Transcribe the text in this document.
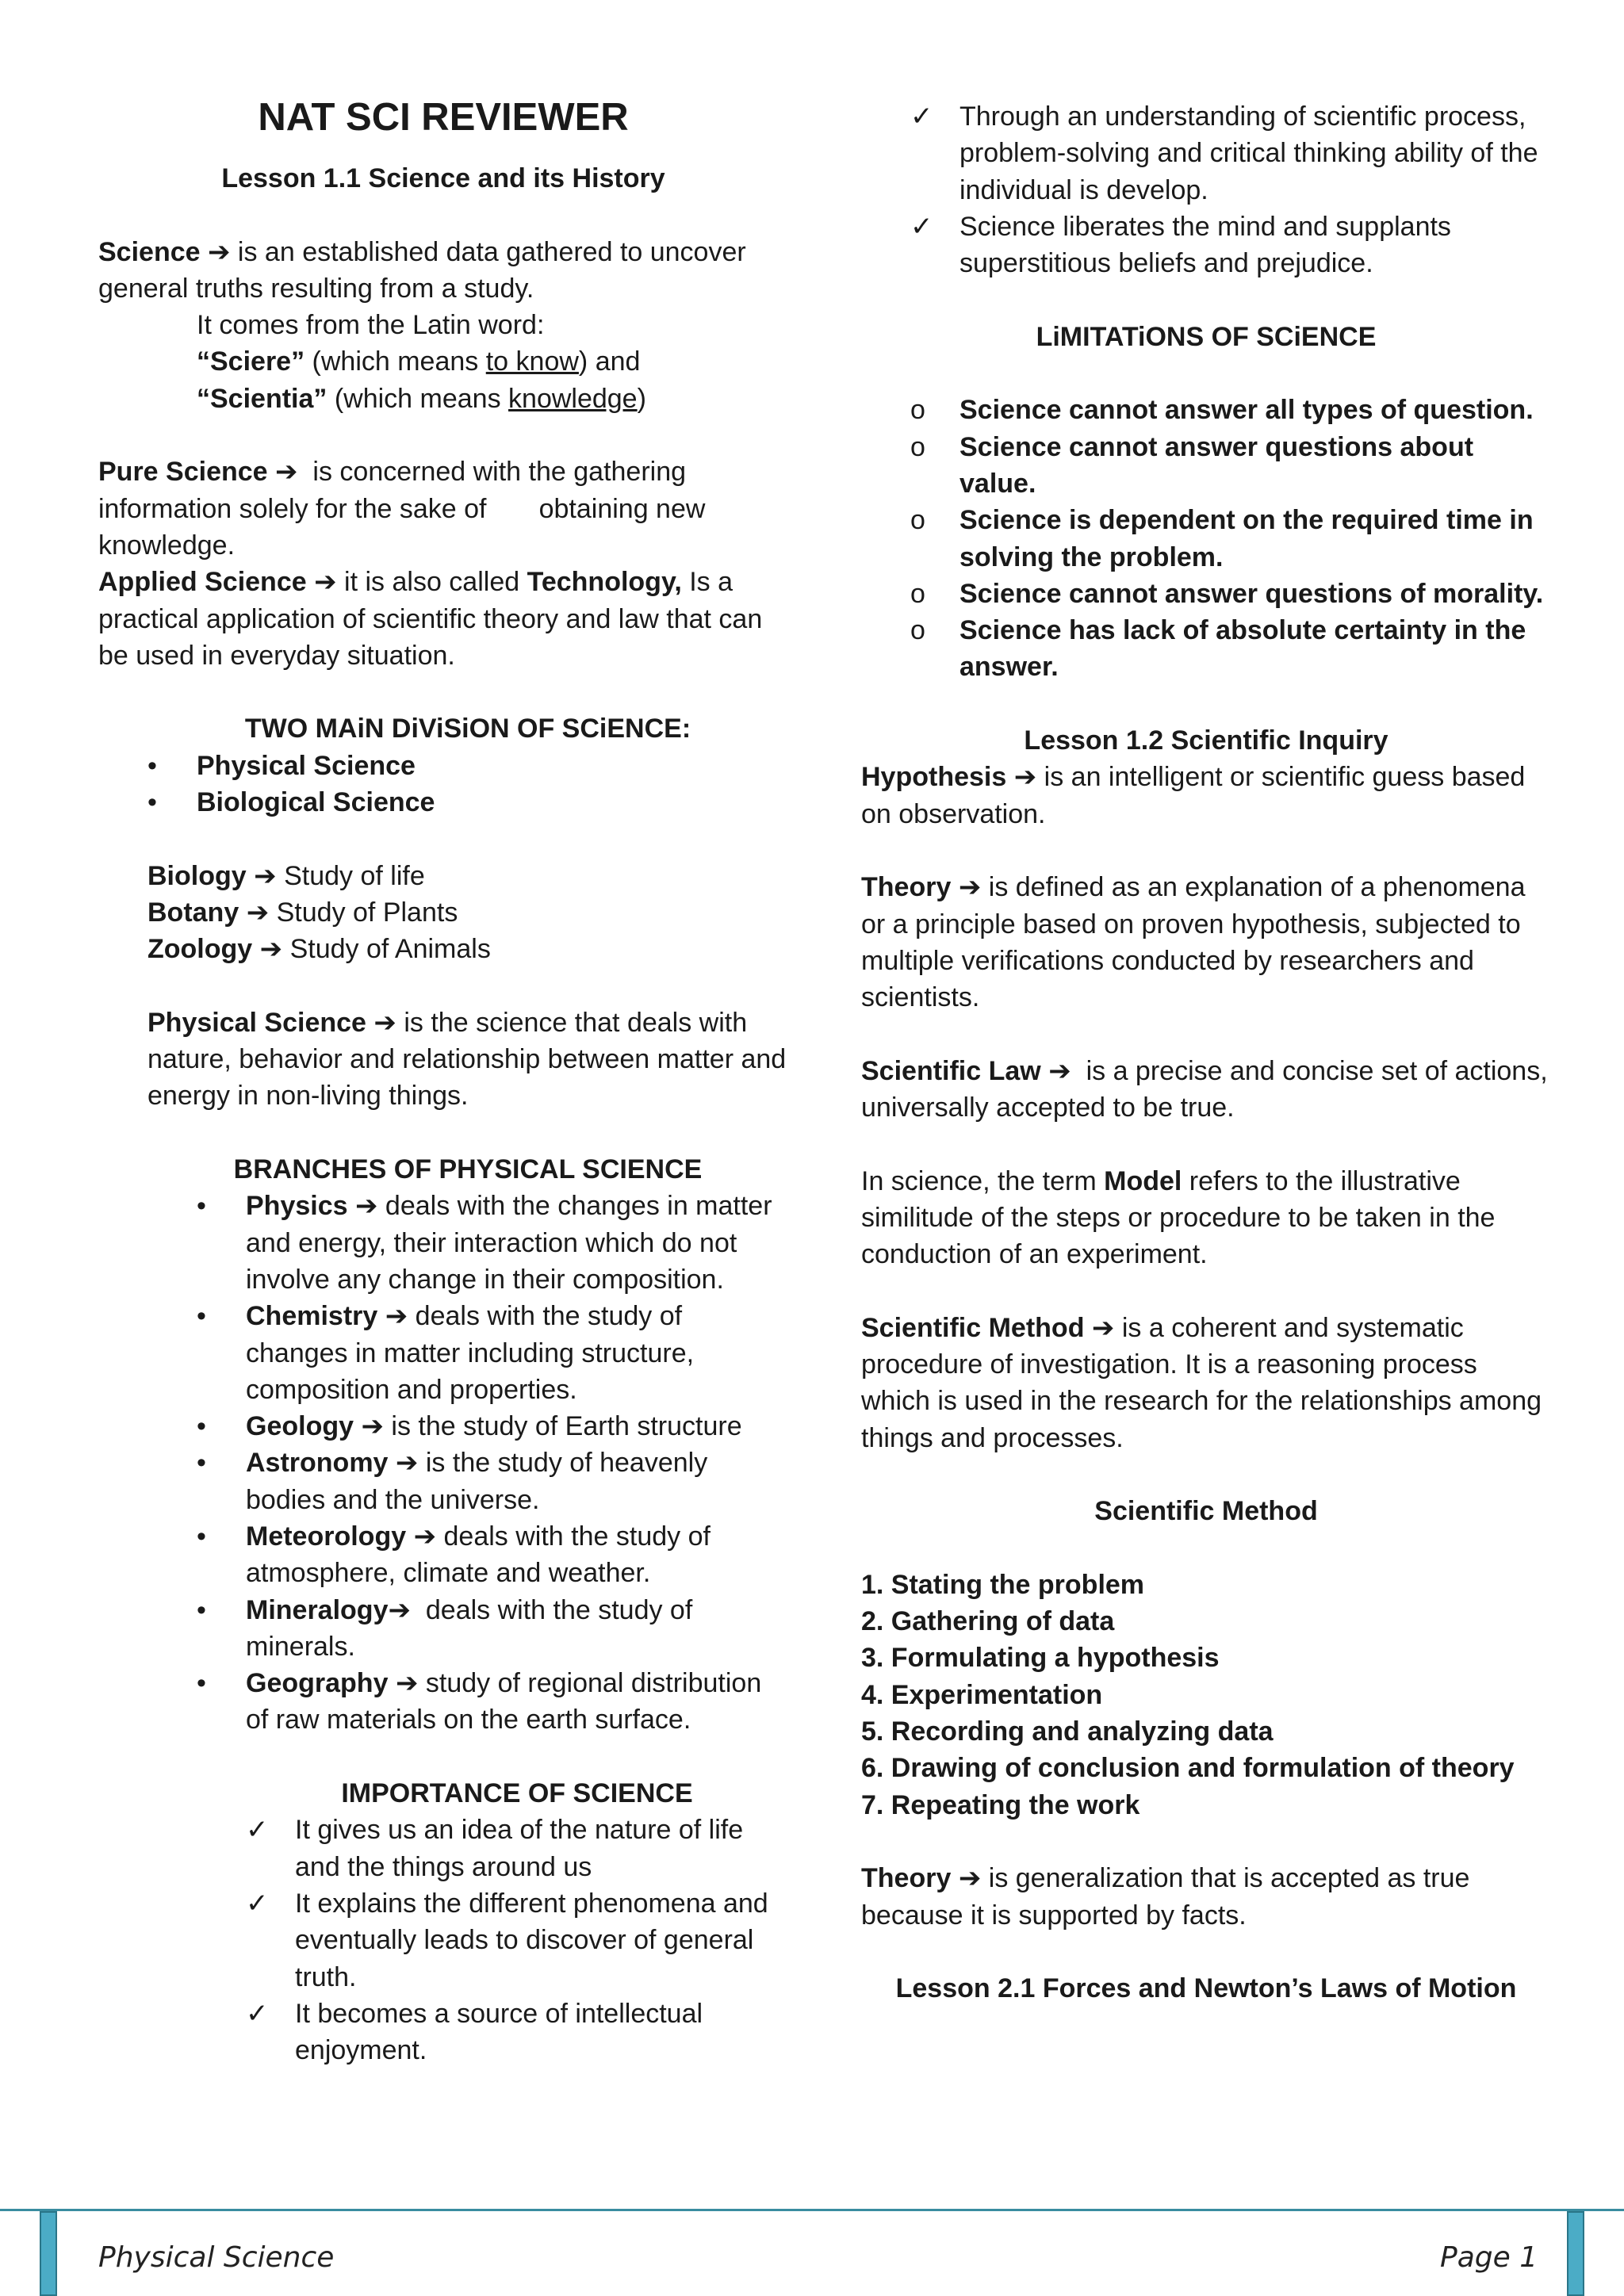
NAT SCI REVIEWER

Lesson 1.1 Science and its History

Science ➔ is an established data gathered to uncover general truths resulting from a study.

It comes from the Latin word:

“Sciere” (which means to know) and

“Scientia” (which means knowledge)

Pure Science ➔  is concerned with the gathering information solely for the sake of       obtaining new knowledge.

Applied Science ➔ it is also called Technology, Is a practical application of scientific theory and law that can be used in everyday situation.

TWO MAiN DiViSiON OF SCiENCE:

• Physical Science
• Biological Science

Biology ➔ Study of life

Botany ➔ Study of Plants

Zoology ➔ Study of Animals

Physical Science ➔ is the science that deals with nature, behavior and relationship between matter and energy in non-living things.

BRANCHES OF PHYSICAL SCIENCE

• Physics ➔ deals with the changes in matter and energy, their interaction which do not involve any change in their composition.
• Chemistry ➔ deals with the study of changes in matter including structure, composition and properties.
• Geology ➔ is the study of Earth structure
• Astronomy ➔ is the study of heavenly bodies and the universe.
• Meteorology ➔ deals with the study of atmosphere, climate and weather.
• Mineralogy➔  deals with the study of minerals.
• Geography ➔ study of regional distribution of raw materials on the earth surface.

IMPORTANCE OF SCIENCE

✓ It gives us an idea of the nature of life and the things around us
✓ It explains the different phenomena and eventually leads to discover of general truth.
✓ It becomes a source of intellectual enjoyment.
✓ Through an understanding of scientific process, problem-solving and critical thinking ability of the individual is develop.
✓ Science liberates the mind and supplants superstitious beliefs and prejudice.

LiMITATiONS OF SCiENCE

o Science cannot answer all types of question.
o Science cannot answer questions about value.
o Science is dependent on the required time in solving the problem.
o Science cannot answer questions of morality.
o Science has lack of absolute certainty in the answer.

Lesson 1.2 Scientific Inquiry

Hypothesis ➔ is an intelligent or scientific guess based on observation.

Theory ➔ is defined as an explanation of a phenomena or a principle based on proven hypothesis, subjected to multiple verifications conducted by researchers and scientists.

Scientific Law ➔  is a precise and concise set of actions, universally accepted to be true.

In science, the term Model refers to the illustrative similitude of the steps or procedure to be taken in the conduction of an experiment.

Scientific Method ➔ is a coherent and systematic procedure of investigation. It is a reasoning process which is used in the research for the relationships among things and processes.

Scientific Method

1. Stating the problem

2. Gathering of data

3. Formulating a hypothesis

4. Experimentation

5. Recording and analyzing data

6. Drawing of conclusion and formulation of theory

7. Repeating the work

Theory ➔ is generalization that is accepted as true because it is supported by facts.

Lesson 2.1 Forces and Newton’s Laws of Motion

Physical Science	Page 1
